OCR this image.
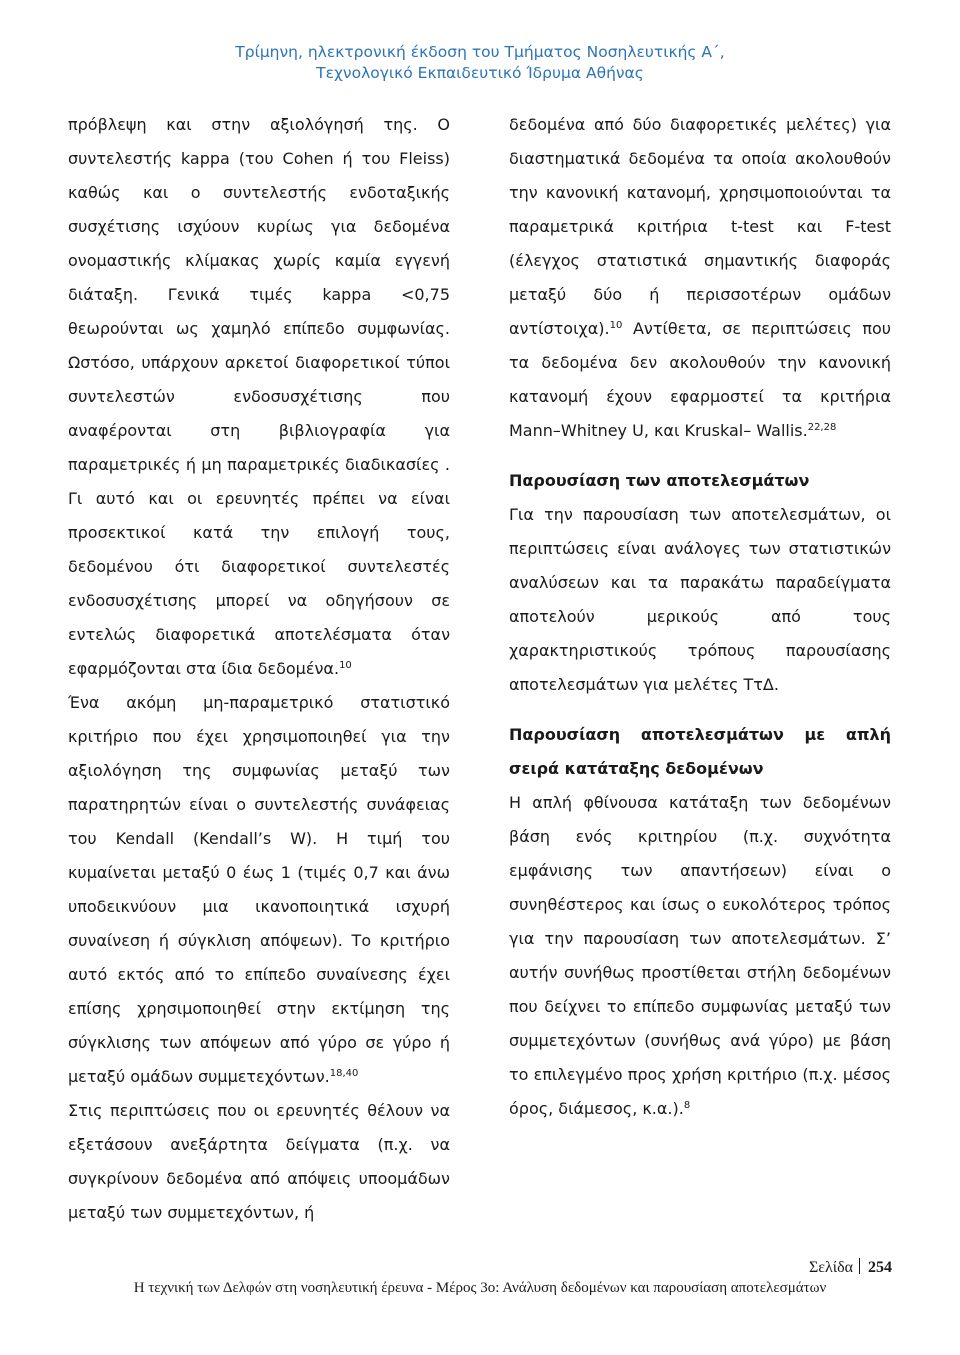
Τρίμηνη, ηλεκτρονική έκδοση του Τμήματος Νοσηλευτικής Α΄,
Τεχνολογικό Εκπαιδευτικό Ίδρυμα Αθήνας

πρόβλεψη και στην αξιολόγησή της. Ο συντελεστής kappa (του Cohen ή του Fleiss) καθώς και ο συντελεστής ενδοταξικής συσχέτισης ισχύουν κυρίως για δεδομένα ονομαστικής κλίμακας χωρίς καμία εγγενή διάταξη. Γενικά τιμές kappa <0,75 θεωρούνται ως χαμηλό επίπεδο συμφωνίας. Ωστόσο, υπάρχουν αρκετοί διαφορετικοί τύποι συντελεστών ενδοσυσχέτισης που αναφέρονται στη βιβλιογραφία για παραμετρικές ή μη παραμετρικές διαδικασίες . Γι αυτό και οι ερευνητές πρέπει να είναι προσεκτικοί κατά την επιλογή τους, δεδομένου ότι διαφορετικοί συντελεστές ενδοσυσχέτισης μπορεί να οδηγήσουν σε εντελώς διαφορετικά αποτελέσματα όταν εφαρμόζονται στα ίδια δεδομένα.$^{10}$

Ένα ακόμη μη-παραμετρικό στατιστικό κριτήριο που έχει χρησιμοποιηθεί για την αξιολόγηση της συμφωνίας μεταξύ των παρατηρητών είναι ο συντελεστής συνάφειας του Kendall (Kendall’s W). Η τιμή του κυμαίνεται μεταξύ 0 έως 1 (τιμές 0,7 και άνω υποδεικνύουν μια ικανοποιητικά ισχυρή συναίνεση ή σύγκλιση απόψεων). Το κριτήριο αυτό εκτός από το επίπεδο συναίνεσης έχει επίσης χρησιμοποιηθεί στην εκτίμηση της σύγκλισης των απόψεων από γύρο σε γύρο ή μεταξύ ομάδων συμμετεχόντων.$^{18,40}$

Στις περιπτώσεις που οι ερευνητές θέλουν να εξετάσουν ανεξάρτητα δείγματα (π.χ. να συγκρίνουν δεδομένα από απόψεις υποομάδων μεταξύ των συμμετεχόντων, ή

δεδομένα από δύο διαφορετικές μελέτες) για διαστηματικά δεδομένα τα οποία ακολουθούν την κανονική κατανομή, χρησιμοποιούνται τα παραμετρικά κριτήρια t-test και F-test (έλεγχος στατιστικά σημαντικής διαφοράς μεταξύ δύο ή περισσοτέρων ομάδων αντίστοιχα).$^{10}$ Αντίθετα, σε περιπτώσεις που τα δεδομένα δεν ακολουθούν την κανονική κατανομή έχουν εφαρμοστεί τα κριτήρια Mann–Whitney U, και Kruskal– Wallis.$^{22,28}$

Παρουσίαση των αποτελεσμάτων

Για την παρουσίαση των αποτελεσμάτων, οι περιπτώσεις είναι ανάλογες των στατιστικών αναλύσεων και τα παρακάτω παραδείγματα αποτελούν μερικούς από τους χαρακτηριστικούς τρόπους παρουσίασης αποτελεσμάτων για μελέτες ΤτΔ.

Παρουσίαση αποτελεσμάτων με απλή σειρά κατάταξης δεδομένων

Η απλή φθίνουσα κατάταξη των δεδομένων βάση ενός κριτηρίου (π.χ. συχνότητα εμφάνισης των απαντήσεων) είναι ο συνηθέστερος και ίσως ο ευκολότερος τρόπος για την παρουσίαση των αποτελεσμάτων. Σ’ αυτήν συνήθως προστίθεται στήλη δεδομένων που δείχνει το επίπεδο συμφωνίας μεταξύ των συμμετεχόντων (συνήθως ανά γύρο) με βάση το επιλεγμένο προς χρήση κριτήριο (π.χ. μέσος όρος, διάμεσος, κ.α.).$^8$

Σελίδα 254
Η τεχνική των Δελφών στη νοσηλευτική έρευνα - Μέρος 3ο: Ανάλυση δεδομένων και παρουσίαση αποτελεσμάτων
